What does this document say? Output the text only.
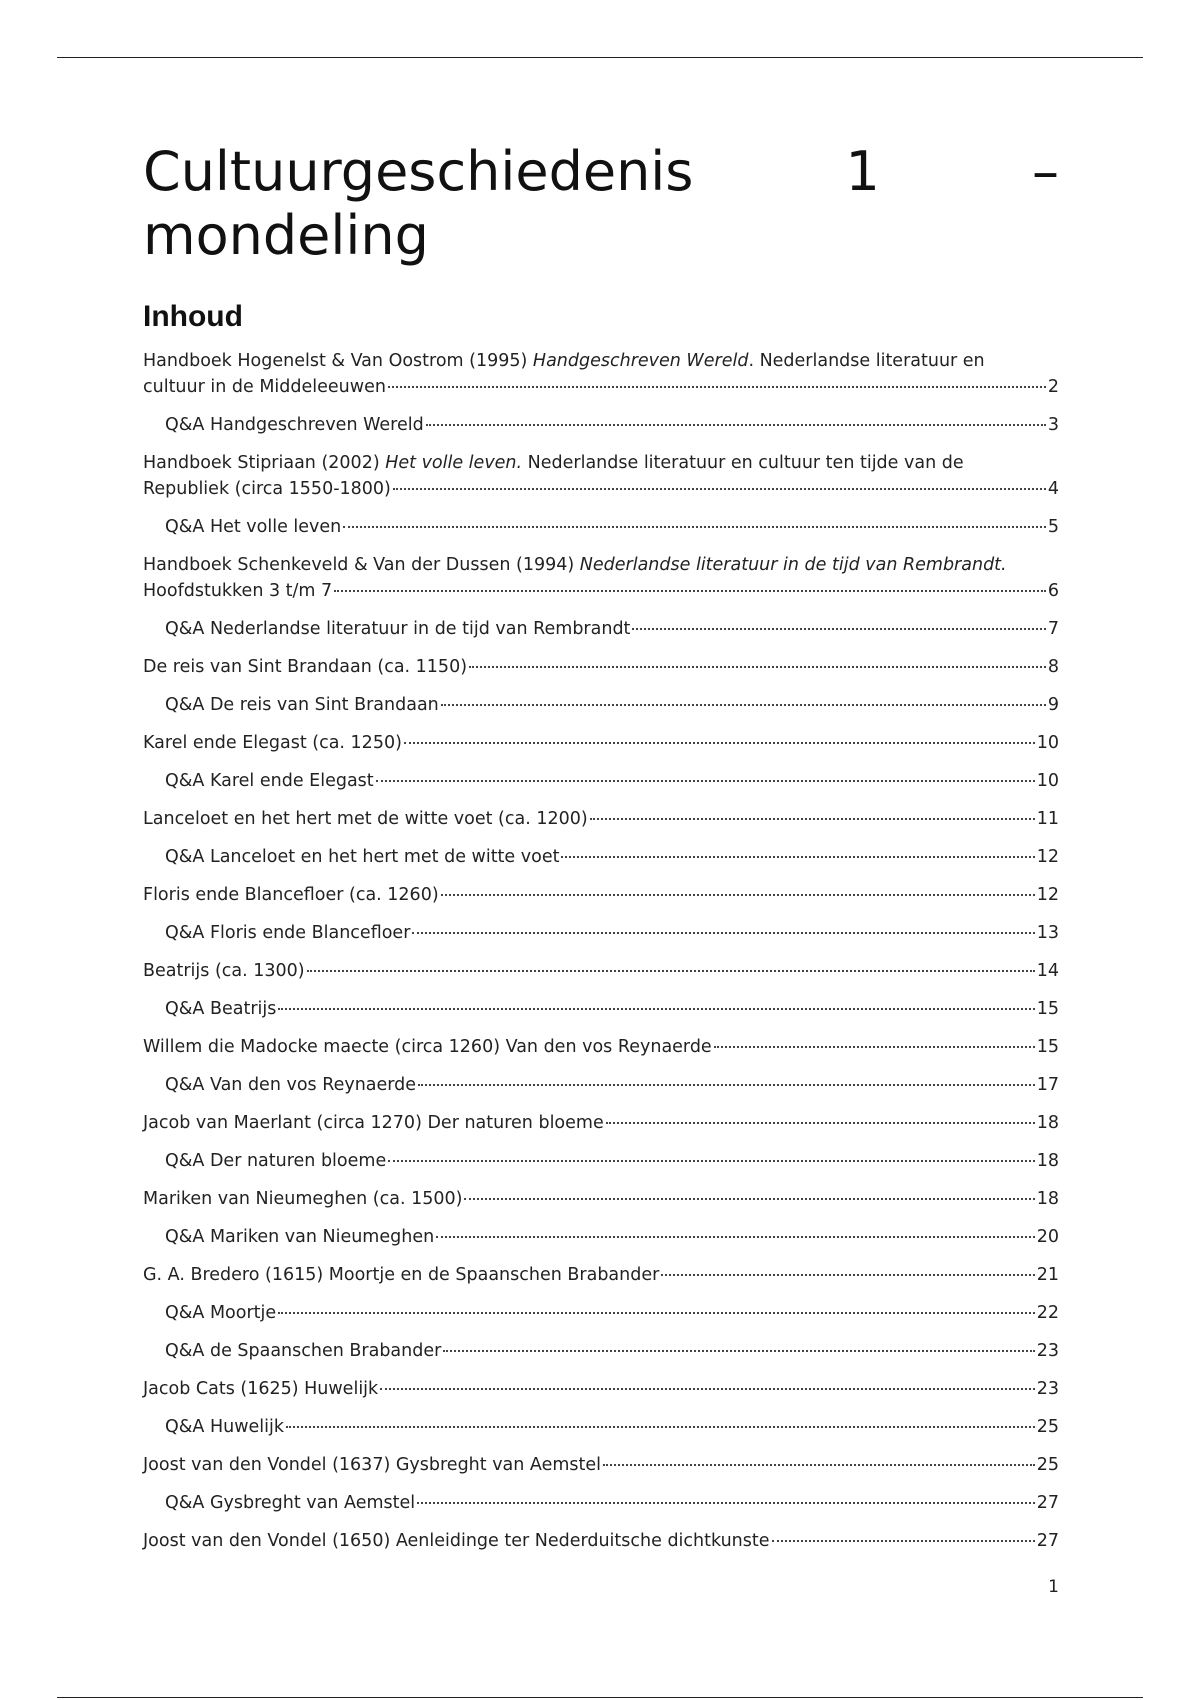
Cultuurgeschiedenis	1	–
mondeling
Inhoud
Handboek Hogenelst & Van Oostrom (1995) Handgeschreven Wereld. Nederlandse literatuur en
cultuur in de Middeleeuwen	2
Q&A Handgeschreven Wereld	3
Handboek Stipriaan (2002) Het volle leven. Nederlandse literatuur en cultuur ten tijde van de
Republiek (circa 1550-1800)	4
Q&A Het volle leven	5
Handboek Schenkeveld & Van der Dussen (1994) Nederlandse literatuur in de tijd van Rembrandt.
Hoofdstukken 3 t/m 7	6
Q&A Nederlandse literatuur in de tijd van Rembrandt	7
De reis van Sint Brandaan (ca. 1150)	8
Q&A De reis van Sint Brandaan	9
Karel ende Elegast (ca. 1250)	10
Q&A Karel ende Elegast	10
Lanceloet en het hert met de witte voet (ca. 1200)	11
Q&A Lanceloet en het hert met de witte voet	12
Floris ende Blancefloer (ca. 1260)	12
Q&A Floris ende Blancefloer	13
Beatrijs (ca. 1300)	14
Q&A Beatrijs	15
Willem die Madocke maecte (circa 1260) Van den vos Reynaerde	15
Q&A Van den vos Reynaerde	17
Jacob van Maerlant (circa 1270) Der naturen bloeme	18
Q&A Der naturen bloeme	18
Mariken van Nieumeghen (ca. 1500)	18
Q&A Mariken van Nieumeghen	20
G. A. Bredero (1615) Moortje en de Spaanschen Brabander	21
Q&A Moortje	22
Q&A de Spaanschen Brabander	23
Jacob Cats (1625) Huwelijk	23
Q&A Huwelijk	25
Joost van den Vondel (1637) Gysbreght van Aemstel	25
Q&A Gysbreght van Aemstel	27
Joost van den Vondel (1650) Aenleidinge ter Nederduitsche dichtkunste	27
1
